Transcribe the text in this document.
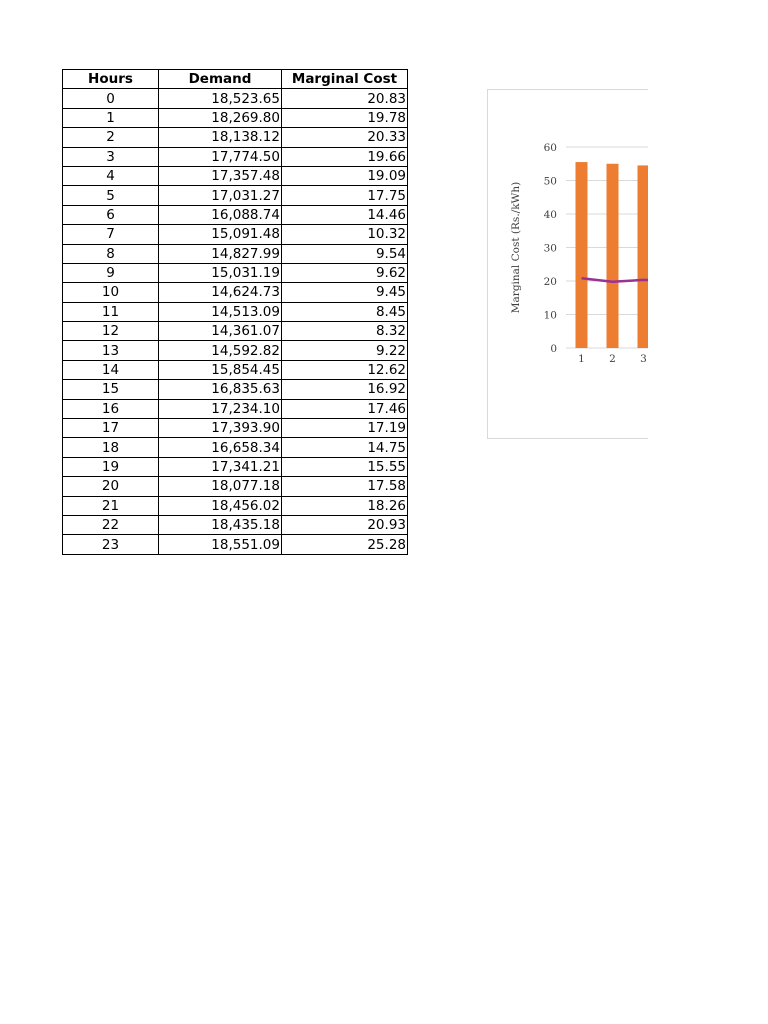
Hours	Demand	Marginal Cost
0	18,523.65	20.83
1	18,269.80	19.78
2	18,138.12	20.33
3	17,774.50	19.66
4	17,357.48	19.09
5	17,031.27	17.75
6	16,088.74	14.46
7	15,091.48	10.32
8	14,827.99	9.54
9	15,031.19	9.62
10	14,624.73	9.45
11	14,513.09	8.45
12	14,361.07	8.32
13	14,592.82	9.22
14	15,854.45	12.62
15	16,835.63	16.92
16	17,234.10	17.46
17	17,393.90	17.19
18	16,658.34	14.75
19	17,341.21	15.55
20	18,077.18	17.58
21	18,456.02	18.26
22	18,435.18	20.93
23	18,551.09	25.28
0
10
20
30
40
50
60
Marginal Cost (Rs./kWh)
1 2 3
